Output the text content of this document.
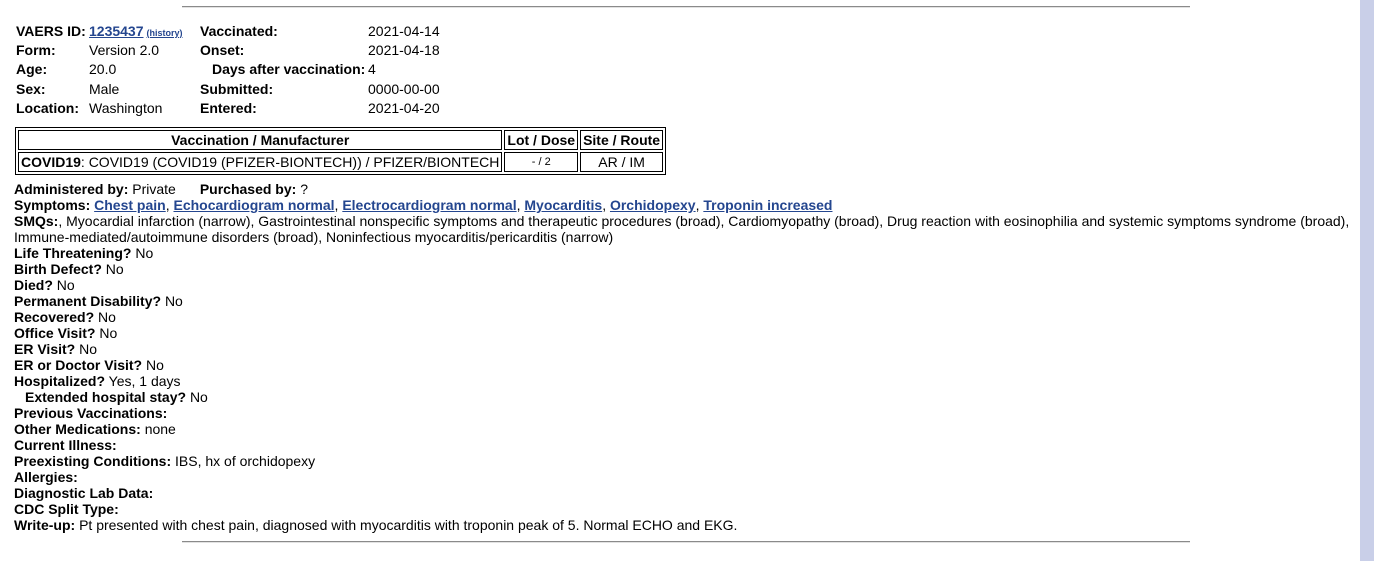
VAERS ID:	1235437 (history)	Vaccinated:	2021-04-14
Form:	Version 2.0	Onset:	2021-04-18
Age:	20.0	Days after vaccination:	4
Sex:	Male	Submitted:	0000-00-00
Location:	Washington	Entered:	2021-04-20
Vaccination / Manufacturer	Lot / Dose	Site / Route
COVID19: COVID19 (COVID19 (PFIZER-BIONTECH)) / PFIZER/BIONTECH	- / 2	AR / IM
Administered by: Private Purchased by: ?
Symptoms: Chest pain, Echocardiogram normal, Electrocardiogram normal, Myocarditis, Orchidopexy, Troponin increased
SMQs:, Myocardial infarction (narrow), Gastrointestinal nonspecific symptoms and therapeutic procedures (broad), Cardiomyopathy (broad), Drug reaction with eosinophilia and systemic symptoms syndrome (broad), Immune-mediated/autoimmune disorders (broad), Noninfectious myocarditis/pericarditis (narrow)
Life Threatening? No
Birth Defect? No
Died? No
Permanent Disability? No
Recovered? No
Office Visit? No
ER Visit? No
ER or Doctor Visit? No
Hospitalized? Yes, 1 days
Extended hospital stay? No
Previous Vaccinations:
Other Medications: none
Current Illness:
Preexisting Conditions: IBS, hx of orchidopexy
Allergies:
Diagnostic Lab Data:
CDC Split Type:
Write-up: Pt presented with chest pain, diagnosed with myocarditis with troponin peak of 5. Normal ECHO and EKG.
